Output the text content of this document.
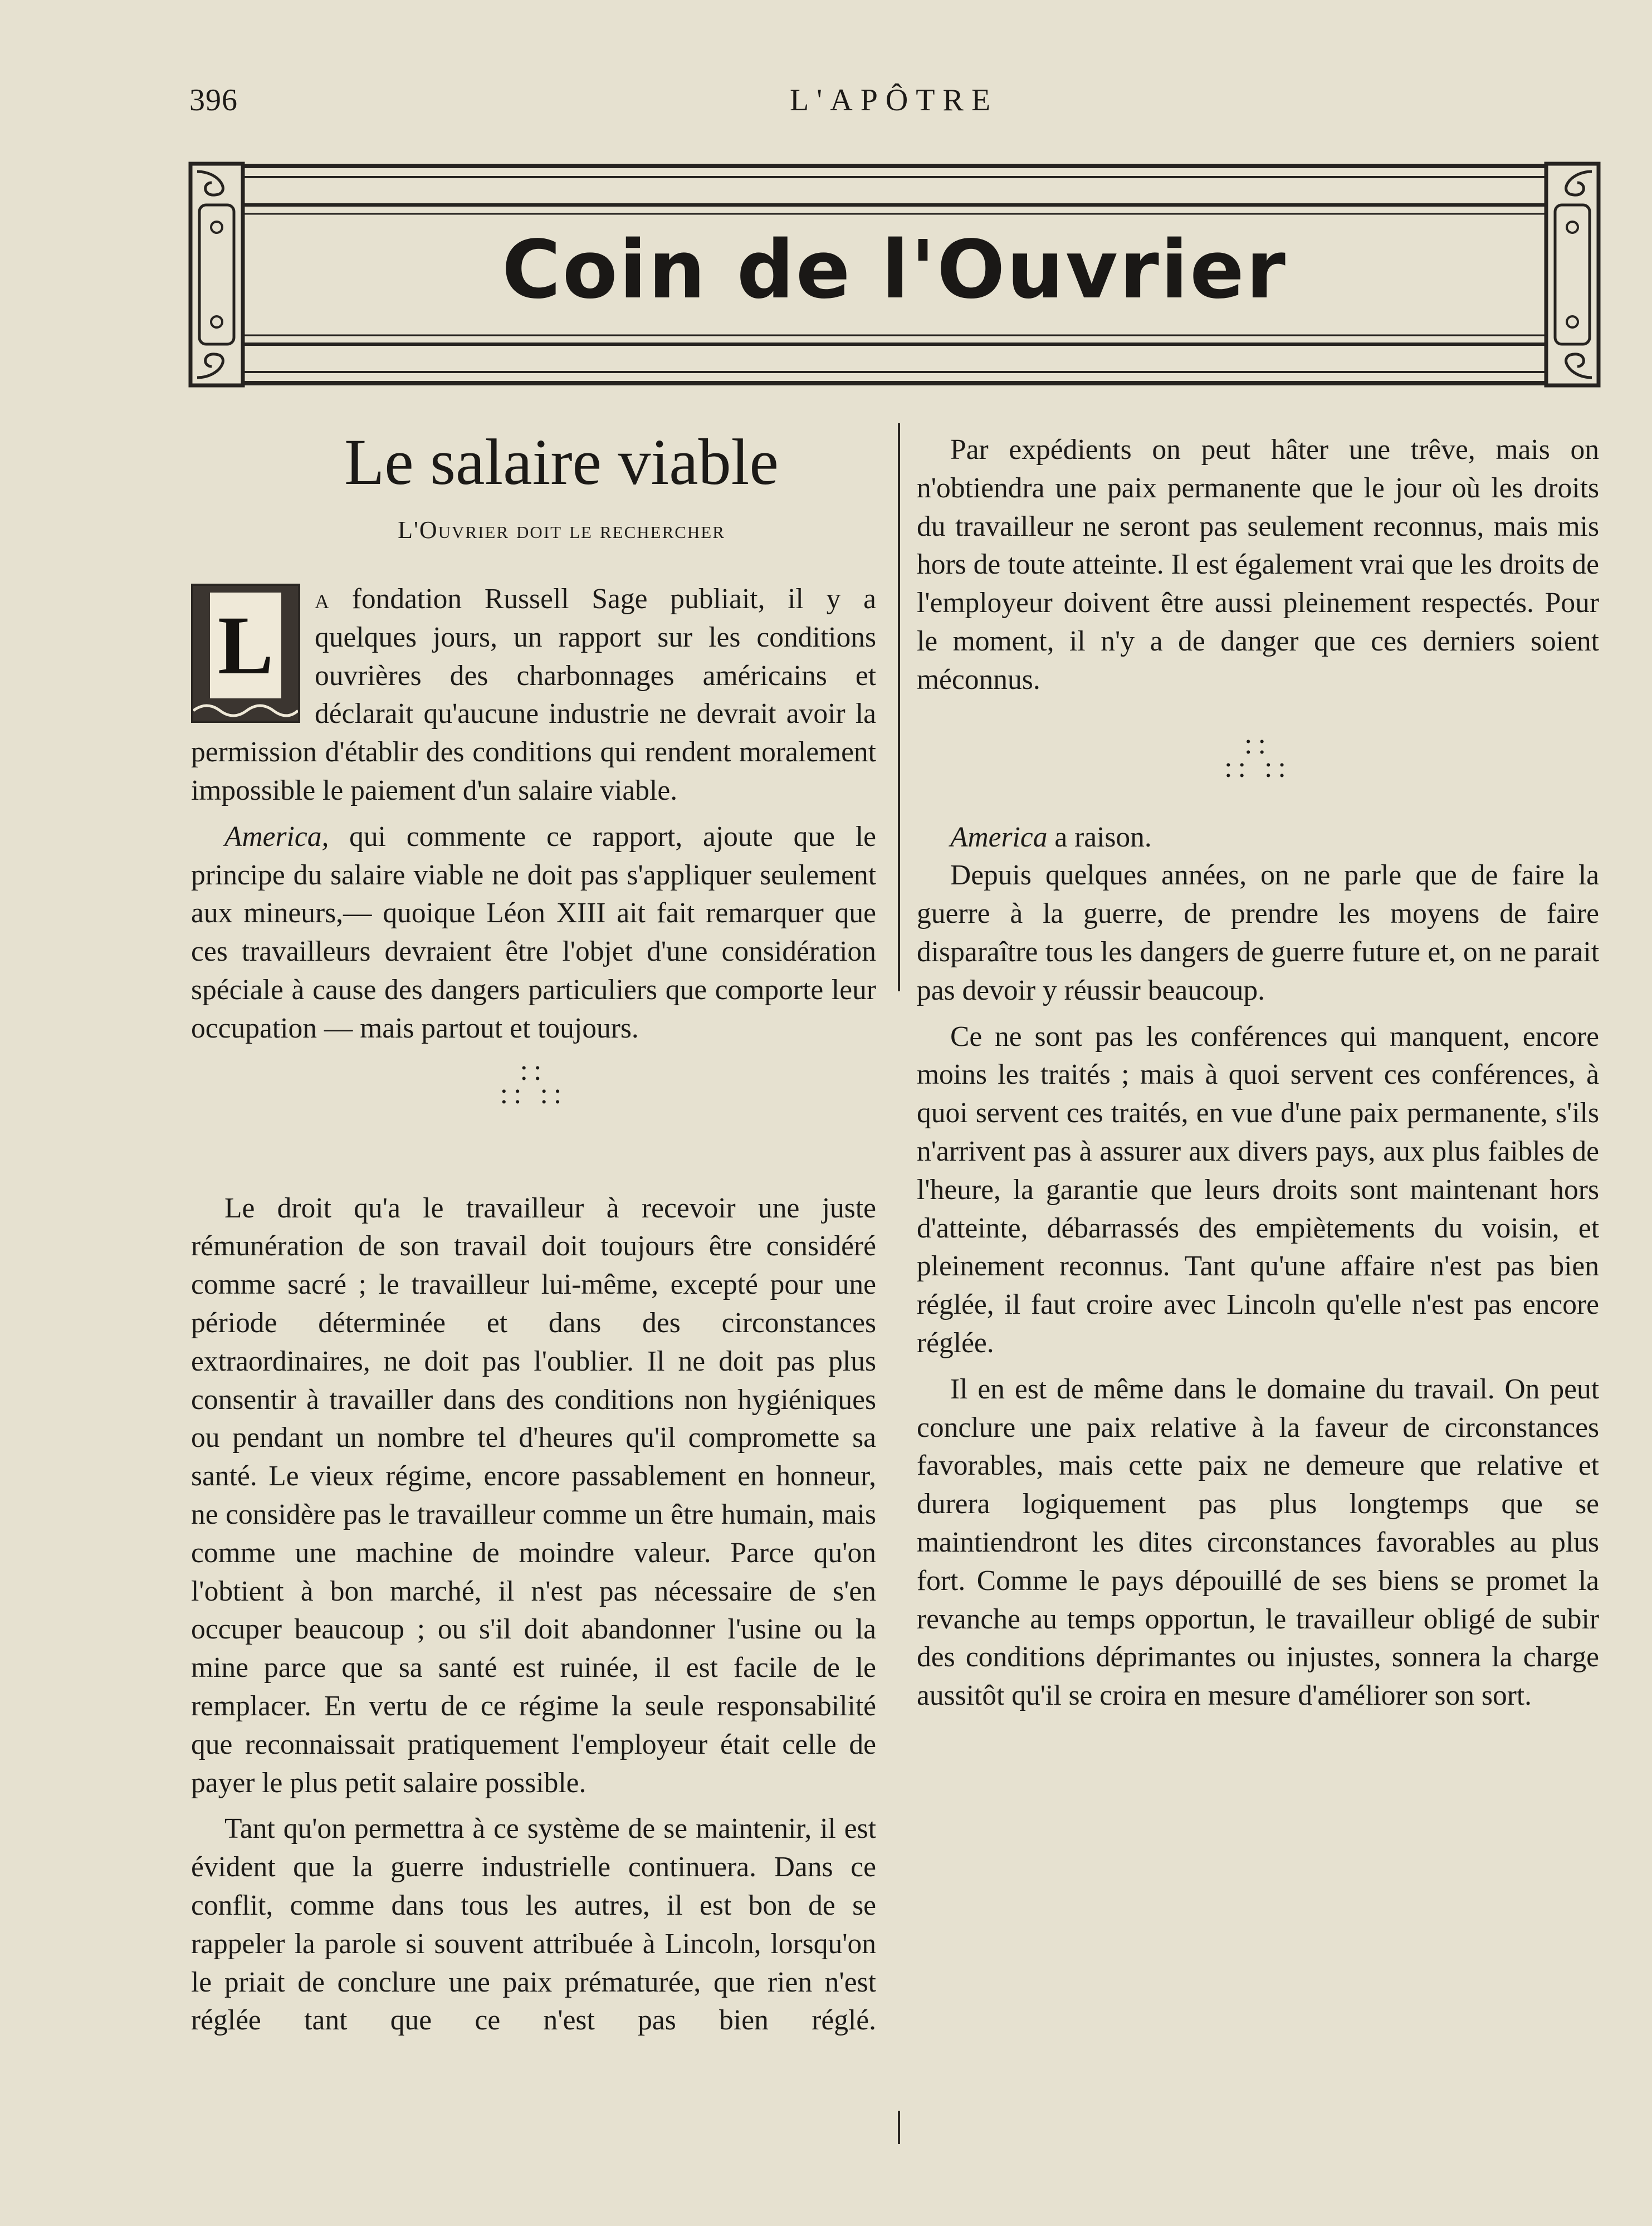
396	L'APÔTRE
Coin de l'Ouvrier
Le salaire viable
L'Ouvrier doit le rechercher

L
a fondation Russell Sage publiait, il y a quelques jours, un rapport sur les conditions ouvrières des charbonnages américains et déclarait qu'aucune industrie ne devrait avoir la permission d'établir des conditions qui rendent moralement impossible le paiement d'un salaire viable.

America, qui commente ce rapport, ajoute que le principe du salaire viable ne doit pas s'appliquer seulement aux mineurs,— quoique Léon XIII ait fait remarquer que ces travailleurs devraient être l'objet d'une considération spéciale à cause des dangers particuliers que comporte leur occupation — mais partout et toujours.

::
:: ::

Le droit qu'a le travailleur à recevoir une juste rémunération de son travail doit toujours être considéré comme sacré ; le travailleur lui-même, excepté pour une période déterminée et dans des circonstances extraordinaires, ne doit pas l'oublier. Il ne doit pas plus consentir à travailler dans des conditions non hygiéniques ou pendant un nombre tel d'heures qu'il compromette sa santé. Le vieux régime, encore passablement en honneur, ne considère pas le travailleur comme un être humain, mais comme une machine de moindre valeur. Parce qu'on l'obtient à bon marché, il n'est pas nécessaire de s'en occuper beaucoup ; ou s'il doit abandonner l'usine ou la mine parce que sa santé est ruinée, il est facile de le remplacer. En vertu de ce régime la seule responsabilité que reconnaissait pratiquement l'employeur était celle de payer le plus petit salaire possible.

Tant qu'on permettra à ce système de se maintenir, il est évident que la guerre industrielle continuera. Dans ce conflit, comme dans tous les autres, il est bon de se rappeler la parole si souvent attribuée à Lincoln, lorsqu'on le priait de conclure une paix prématurée, que rien n'est réglée tant que ce n'est pas bien réglé.

Par expédients on peut hâter une trêve, mais on n'obtiendra une paix permanente que le jour où les droits du travailleur ne seront pas seulement reconnus, mais mis hors de toute atteinte. Il est également vrai que les droits de l'employeur doivent être aussi pleinement respectés. Pour le moment, il n'y a de danger que ces derniers soient méconnus.

::
:: ::

America a raison.

Depuis quelques années, on ne parle que de faire la guerre à la guerre, de prendre les moyens de faire disparaître tous les dangers de guerre future et, on ne parait pas devoir y réussir beaucoup.

Ce ne sont pas les conférences qui manquent, encore moins les traités ; mais à quoi servent ces conférences, à quoi servent ces traités, en vue d'une paix permanente, s'ils n'arrivent pas à assurer aux divers pays, aux plus faibles de l'heure, la garantie que leurs droits sont maintenant hors d'atteinte, débarrassés des empiètements du voisin, et pleinement reconnus. Tant qu'une affaire n'est pas bien réglée, il faut croire avec Lincoln qu'elle n'est pas encore réglée.

Il en est de même dans le domaine du travail. On peut conclure une paix relative à la faveur de circonstances favorables, mais cette paix ne demeure que relative et durera logiquement pas plus longtemps que se maintiendront les dites circonstances favorables au plus fort. Comme le pays dépouillé de ses biens se promet la revanche au temps opportun, le travailleur obligé de subir des conditions déprimantes ou injustes, sonnera la charge aussitôt qu'il se croira en mesure d'améliorer son sort.
